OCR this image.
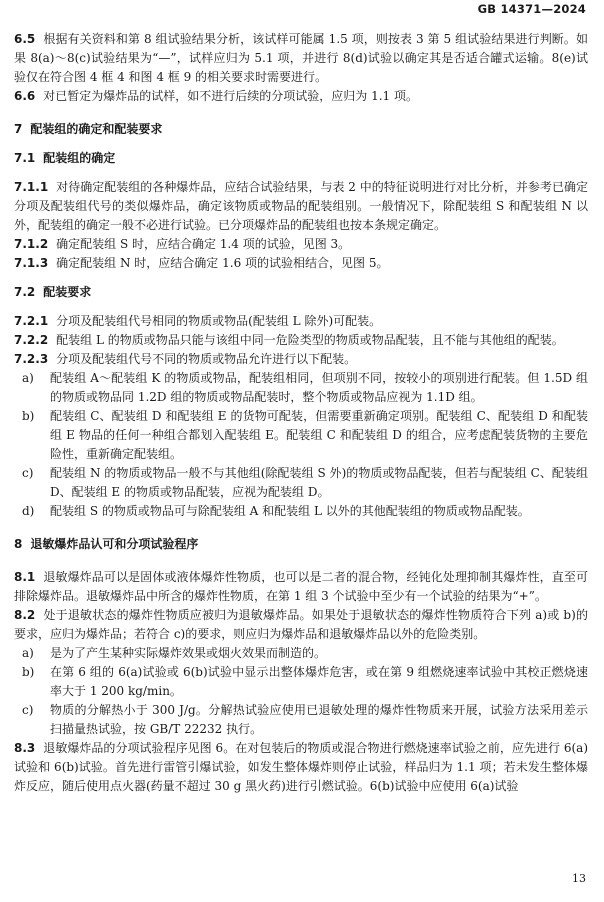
GB 14371—2024

6.5 根据有关资料和第 8 组试验结果分析，该试样可能属 1.5 项，则按表 3 第 5 组试验结果进行判断。如果 8(a)～8(c)试验结果为“—”，试样应归为 5.1 项，并进行 8(d)试验以确定其是否适合罐式运输。8(e)试验仅在符合图 4 框 4 和图 4 框 9 的相关要求时需要进行。

6.6 对已暂定为爆炸品的试样，如不进行后续的分项试验，应归为 1.1 项。

7 配装组的确定和配装要求

7.1 配装组的确定

7.1.1 对待确定配装组的各种爆炸品，应结合试验结果，与表 2 中的特征说明进行对比分析，并参考已确定分项及配装组代号的类似爆炸品，确定该物质或物品的配装组别。一般情况下，除配装组 S 和配装组 N 以外，配装组的确定一般不必进行试验。已分项爆炸品的配装组也按本条规定确定。

7.1.2 确定配装组 S 时，应结合确定 1.4 项的试验，见图 3。

7.1.3 确定配装组 N 时，应结合确定 1.6 项的试验相结合，见图 5。

7.2 配装要求

7.2.1 分项及配装组代号相同的物质或物品(配装组 L 除外)可配装。

7.2.2 配装组 L 的物质或物品只能与该组中同一危险类型的物质或物品配装，且不能与其他组的配装。

7.2.3 分项及配装组代号不同的物质或物品允许进行以下配装。

a)	配装组 A～配装组 K 的物质或物品，配装组相同，但项别不同，按较小的项别进行配装。但 1.5D 组的物质或物品同 1.2D 组的物质或物品配装时，整个物质或物品应视为 1.1D 组。
b)	配装组 C、配装组 D 和配装组 E 的货物可配装，但需要重新确定项别。配装组 C、配装组 D 和配装组 E 物品的任何一种组合都划入配装组 E。配装组 C 和配装组 D 的组合，应考虑配装货物的主要危险性，重新确定配装组。
c)	配装组 N 的物质或物品一般不与其他组(除配装组 S 外)的物质或物品配装，但若与配装组 C、配装组 D、配装组 E 的物质或物品配装，应视为配装组 D。
d)	配装组 S 的物质或物品可与除配装组 A 和配装组 L 以外的其他配装组的物质或物品配装。

8 退敏爆炸品认可和分项试验程序

8.1 退敏爆炸品可以是固体或液体爆炸性物质，也可以是二者的混合物，经钝化处理抑制其爆炸性，直至可排除爆炸品。退敏爆炸品中所含的爆炸性物质，在第 1 组 3 个试验中至少有一个试验的结果为“+”。

8.2 处于退敏状态的爆炸性物质应被归为退敏爆炸品。如果处于退敏状态的爆炸性物质符合下列 a)或 b)的要求，应归为爆炸品；若符合 c)的要求，则应归为爆炸品和退敏爆炸品以外的危险类别。

a)	是为了产生某种实际爆炸效果或烟火效果而制造的。
b)	在第 6 组的 6(a)试验或 6(b)试验中显示出整体爆炸危害，或在第 9 组燃烧速率试验中其校正燃烧速率大于 1 200 kg/min。
c)	物质的分解热小于 300 J/g。分解热试验应使用已退敏处理的爆炸性物质来开展，试验方法采用差示扫描量热试验，按 GB/T 22232 执行。

8.3 退敏爆炸品的分项试验程序见图 6。在对包装后的物质或混合物进行燃烧速率试验之前，应先进行 6(a)试验和 6(b)试验。首先进行雷管引爆试验，如发生整体爆炸则停止试验，样品归为 1.1 项；若未发生整体爆炸反应，随后使用点火器(药量不超过 30 g 黑火药)进行引燃试验。6(b)试验中应使用 6(a)试验

13
